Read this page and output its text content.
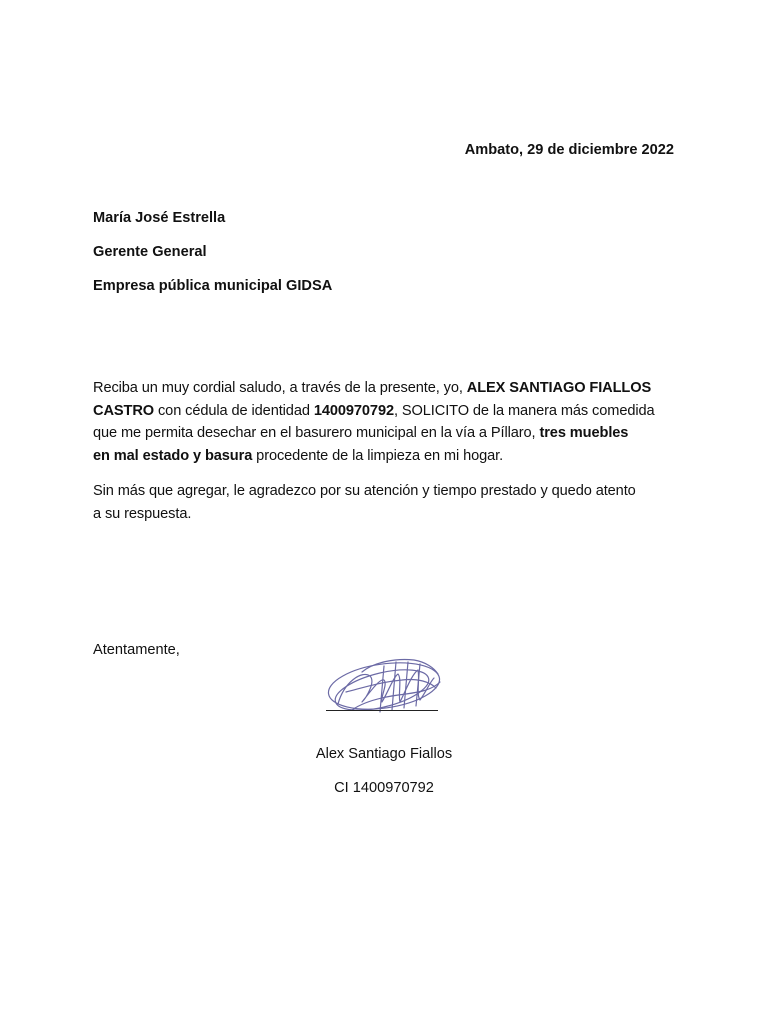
Ambato, 29 de diciembre 2022
María José Estrella
Gerente General
Empresa pública municipal GIDSA

Reciba un muy cordial saludo, a través de la presente, yo, ALEX SANTIAGO FIALLOS
CASTRO con cédula de identidad 1400970792, SOLICITO de la manera más comedida
que me permita desechar en el basurero municipal en la vía a Píllaro, tres muebles
en mal estado y basura procedente de la limpieza en mi hogar.

Sin más que agregar, le agradezco por su atención y tiempo prestado y quedo atento
a su respuesta.

Atentamente,
Alex Santiago Fiallos
CI 1400970792
